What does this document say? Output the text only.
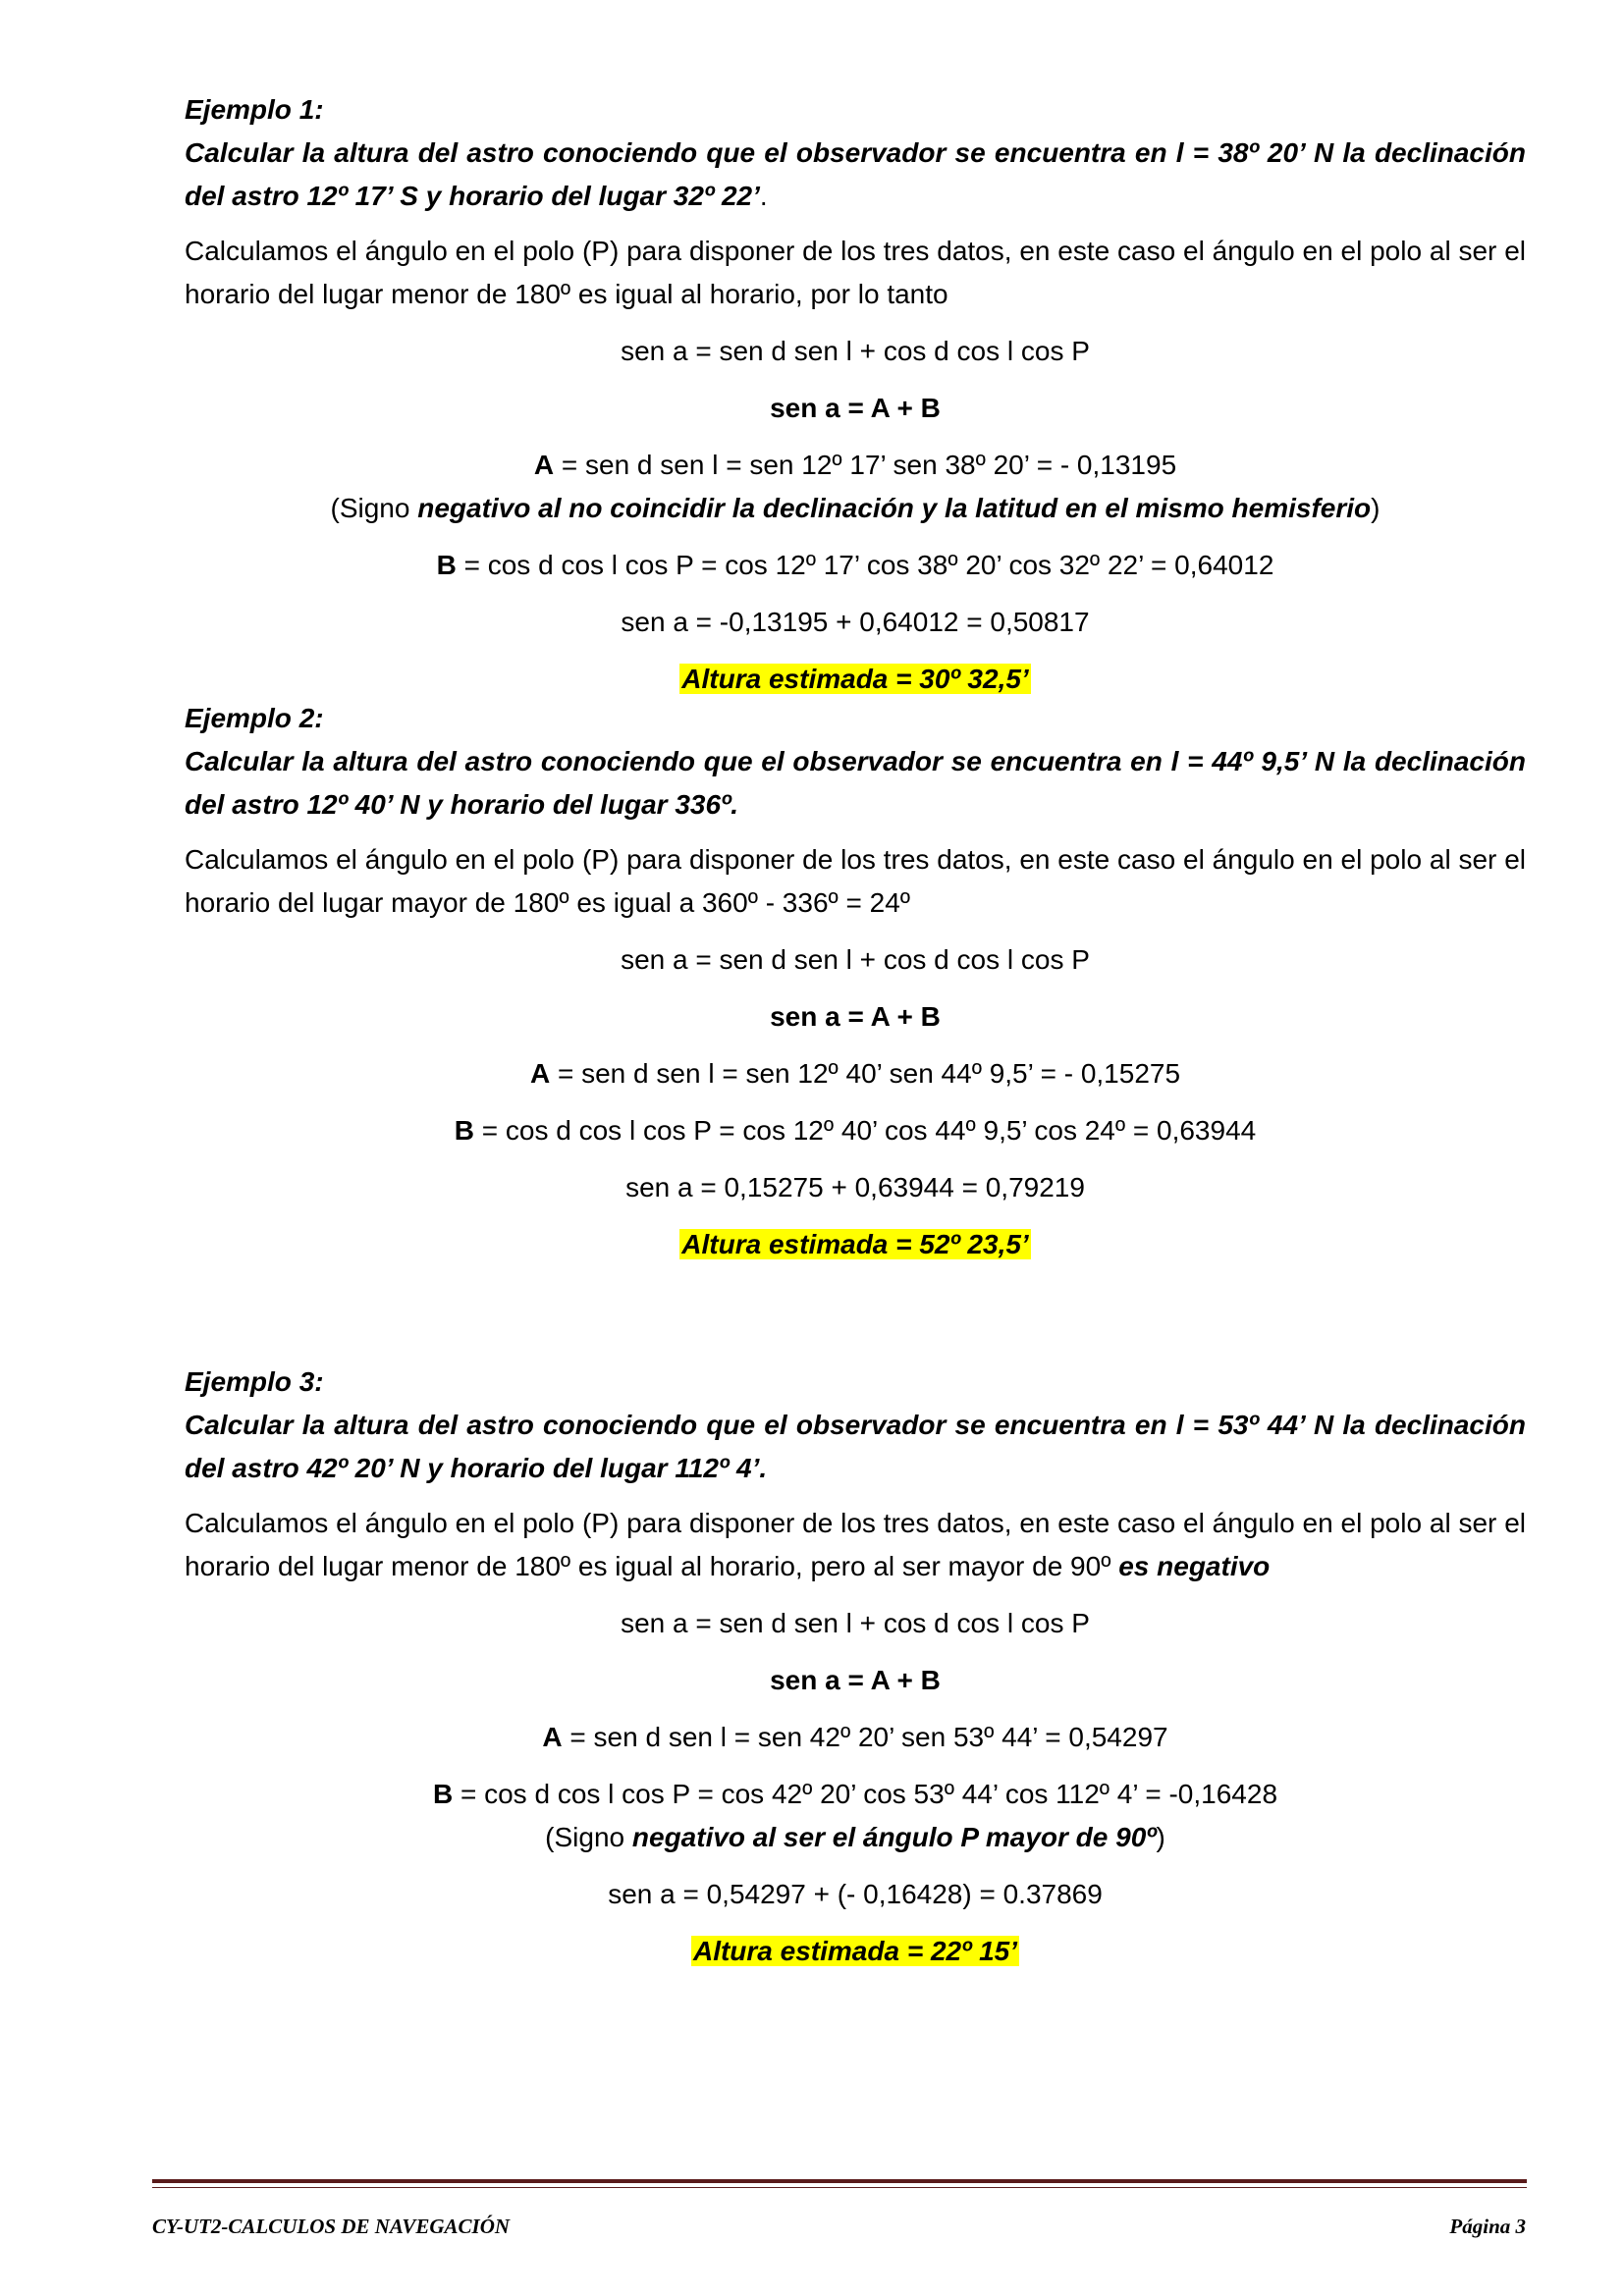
Ejemplo 1:

Calcular la altura del astro conociendo que el observador se encuentra en l = 38º 20’ N la declinación del astro 12º 17’ S y horario del lugar 32º 22’.

Calculamos el ángulo en el polo (P) para disponer de los tres datos, en este caso el ángulo en el polo al ser el horario del lugar menor de 180º es igual al horario, por lo tanto

sen a = sen d sen l + cos d cos l cos P

sen a = A + B

A = sen d sen l = sen 12º 17’ sen 38º 20’ = - 0,13195

(Signo negativo al no coincidir la declinación y la latitud en el mismo hemisferio)

B = cos d cos l cos P = cos 12º 17’ cos 38º 20’ cos 32º 22’ = 0,64012

sen a = -0,13195 + 0,64012 = 0,50817

Altura estimada = 30º 32,5’

Ejemplo 2:

Calcular la altura del astro conociendo que el observador se encuentra en l = 44º 9,5’ N la declinación del astro 12º 40’ N y horario del lugar 336º.

Calculamos el ángulo en el polo (P) para disponer de los tres datos, en este caso el ángulo en el polo al ser el horario del lugar mayor de 180º es igual a 360º - 336º = 24º

sen a = sen d sen l + cos d cos l cos P

sen a = A + B

A = sen d sen l = sen 12º 40’ sen 44º 9,5’ = - 0,15275

B = cos d cos l cos P = cos 12º 40’ cos 44º 9,5’ cos 24º = 0,63944

sen a = 0,15275 + 0,63944 = 0,79219

Altura estimada = 52º 23,5’

Ejemplo 3:

Calcular la altura del astro conociendo que el observador se encuentra en l = 53º 44’ N la declinación del astro 42º 20’ N y horario del lugar 112º 4’.

Calculamos el ángulo en el polo (P) para disponer de los tres datos, en este caso el ángulo en el polo al ser el horario del lugar menor de 180º es igual al horario, pero al ser mayor de 90º es negativo

sen a = sen d sen l + cos d cos l cos P

sen a = A + B

A = sen d sen l = sen 42º 20’ sen 53º 44’ = 0,54297

B = cos d cos l cos P = cos 42º 20’ cos 53º 44’ cos 112º 4’ = -0,16428

(Signo negativo al ser el ángulo P mayor de 90º)

sen a = 0,54297 + (- 0,16428) = 0.37869

Altura estimada = 22º 15’

CY-UT2-CALCULOS DE NAVEGACIÓN	Página 3
